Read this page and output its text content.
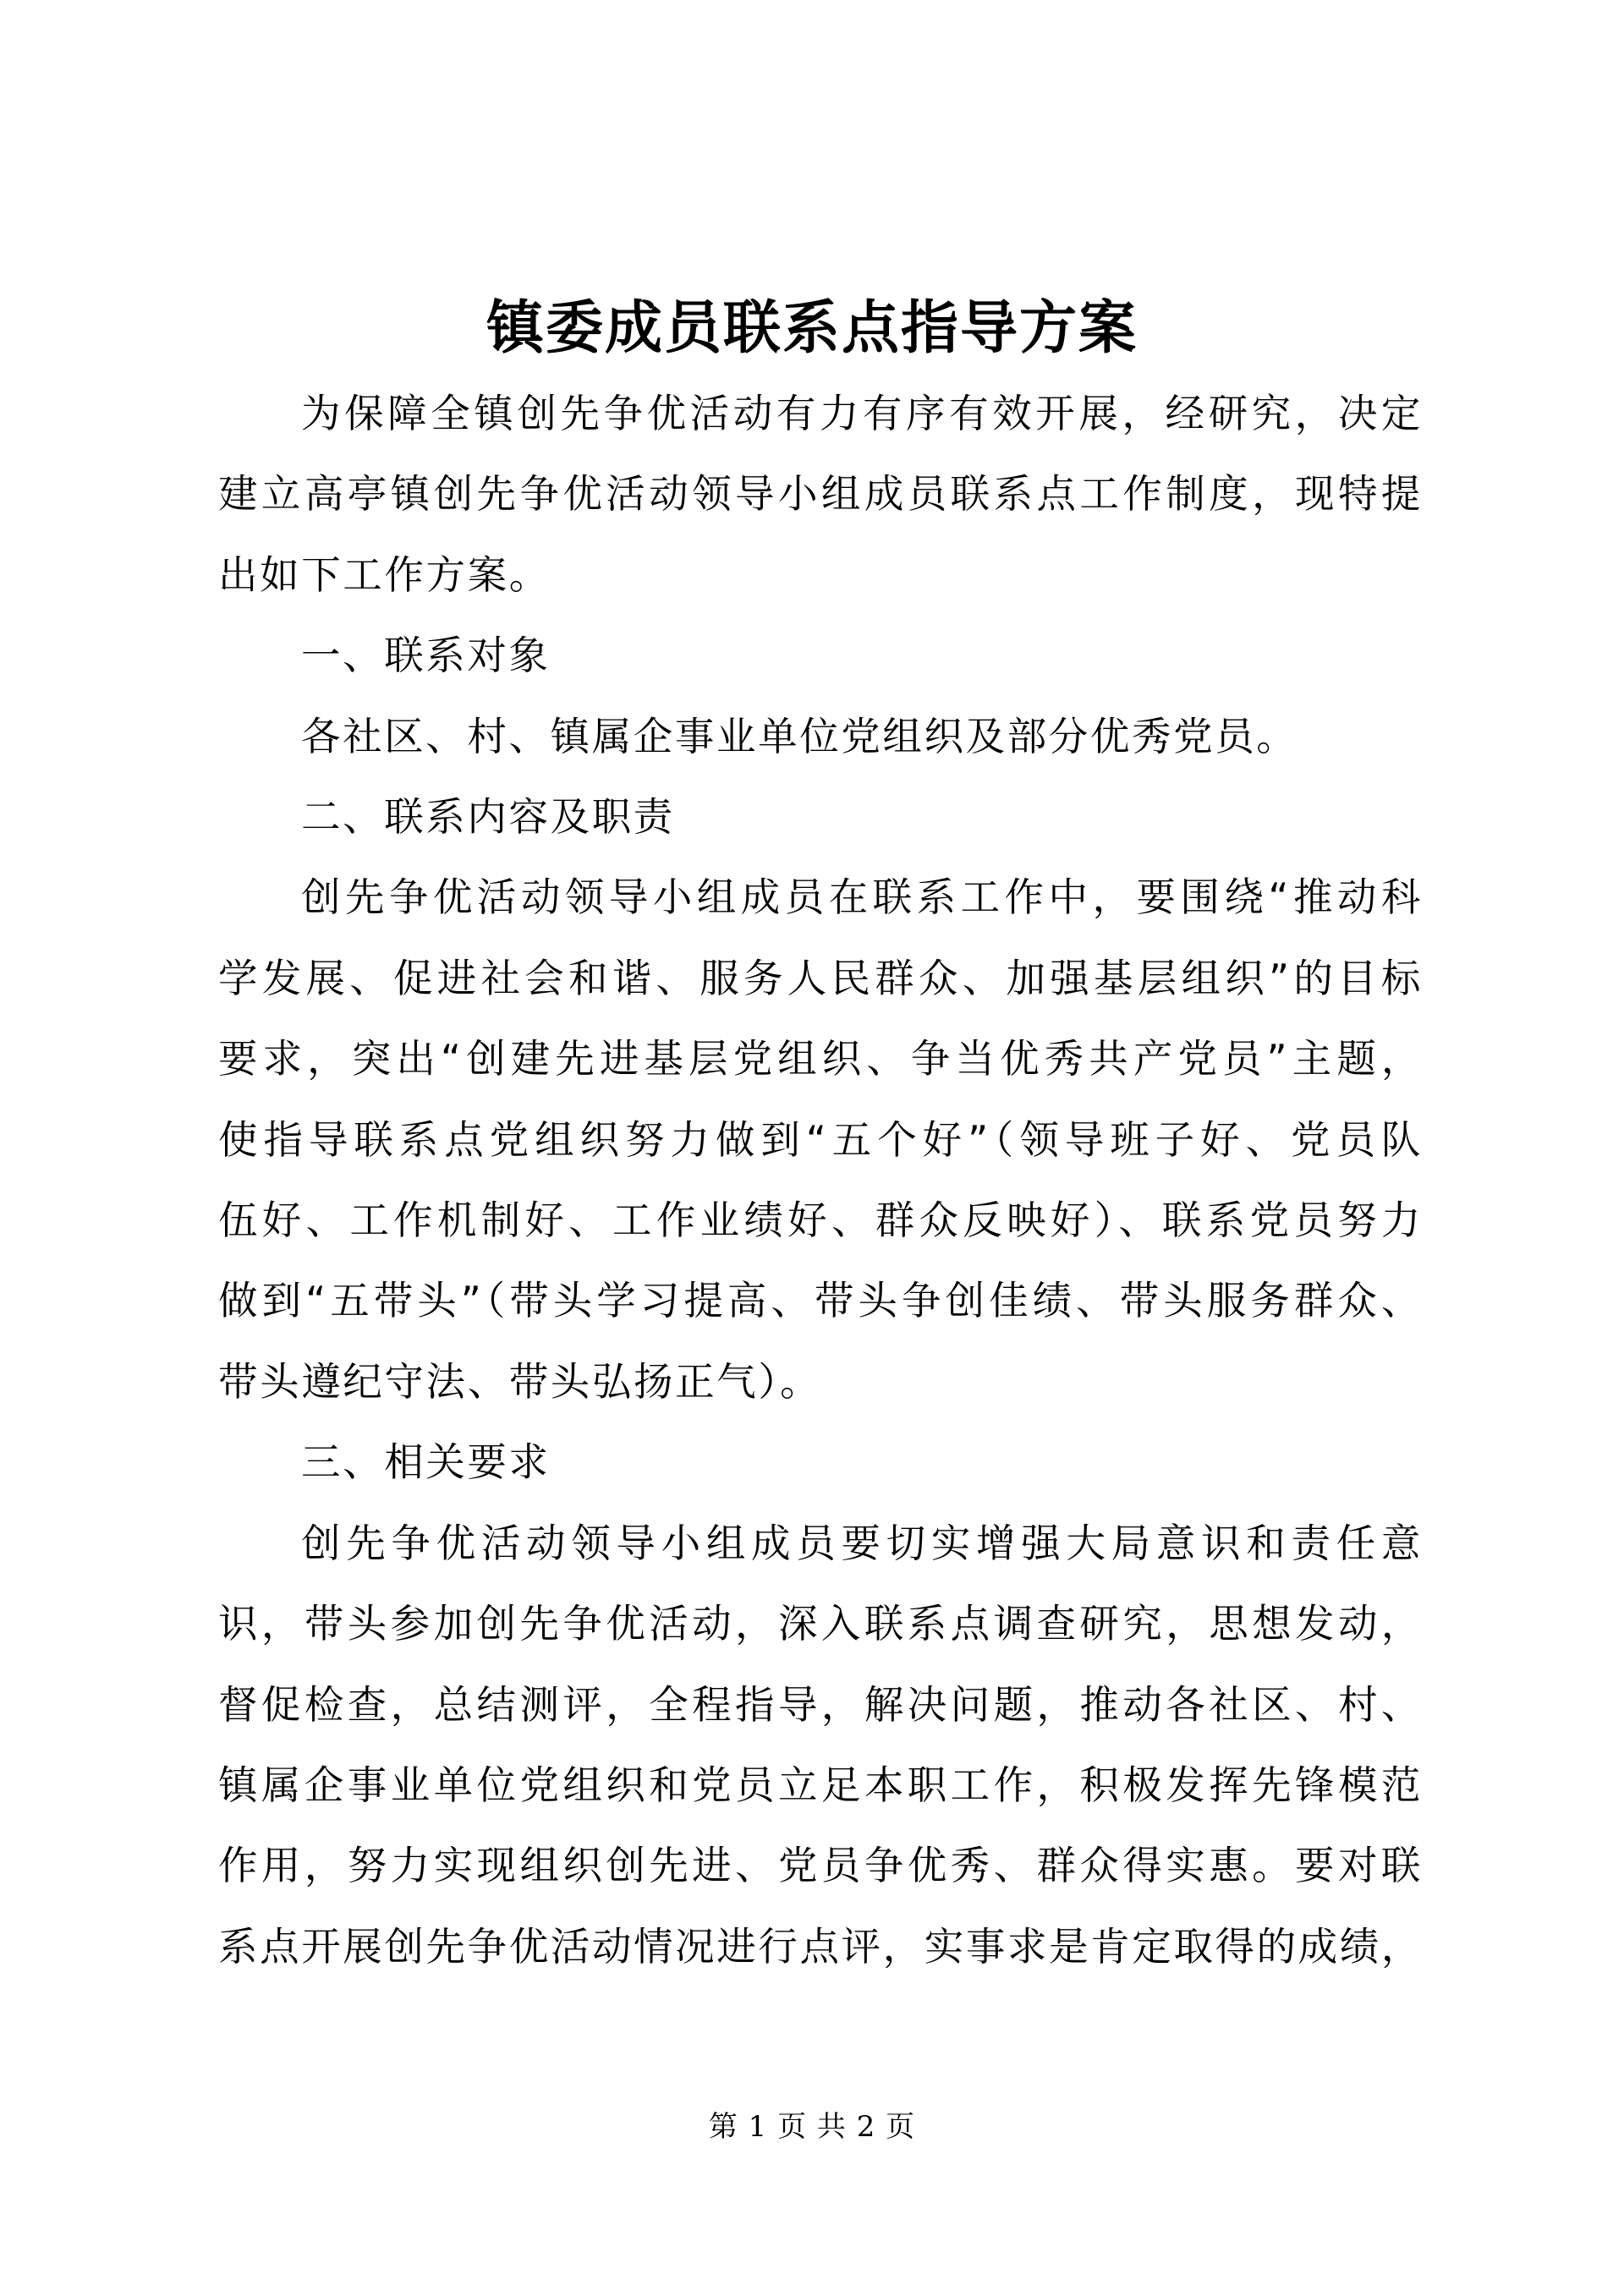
镇委成员联系点指导方案

为保障全镇创先争优活动有力有序有效开展，经研究，决定
建立高亭镇创先争优活动领导小组成员联系点工作制度，现特提
出如下工作方案。

一、联系对象

各社区、村、镇属企事业单位党组织及部分优秀党员。

二、联系内容及职责

创先争优活动领导小组成员在联系工作中，要围绕“推动科
学发展、促进社会和谐、服务人民群众、加强基层组织”的目标
要求，突出“创建先进基层党组织、争当优秀共产党员”主题，
使指导联系点党组织努力做到“五个好”（领导班子好、党员队
伍好、工作机制好、工作业绩好、群众反映好）、联系党员努力
做到“五带头”（带头学习提高、带头争创佳绩、带头服务群众、
带头遵纪守法、带头弘扬正气）。

三、相关要求

创先争优活动领导小组成员要切实增强大局意识和责任意
识，带头参加创先争优活动，深入联系点调查研究，思想发动，
督促检查，总结测评，全程指导，解决问题，推动各社区、村、
镇属企事业单位党组织和党员立足本职工作，积极发挥先锋模范
作用，努力实现组织创先进、党员争优秀、群众得实惠。要对联
系点开展创先争优活动情况进行点评，实事求是肯定取得的成绩，

第 1 页 共 2 页
